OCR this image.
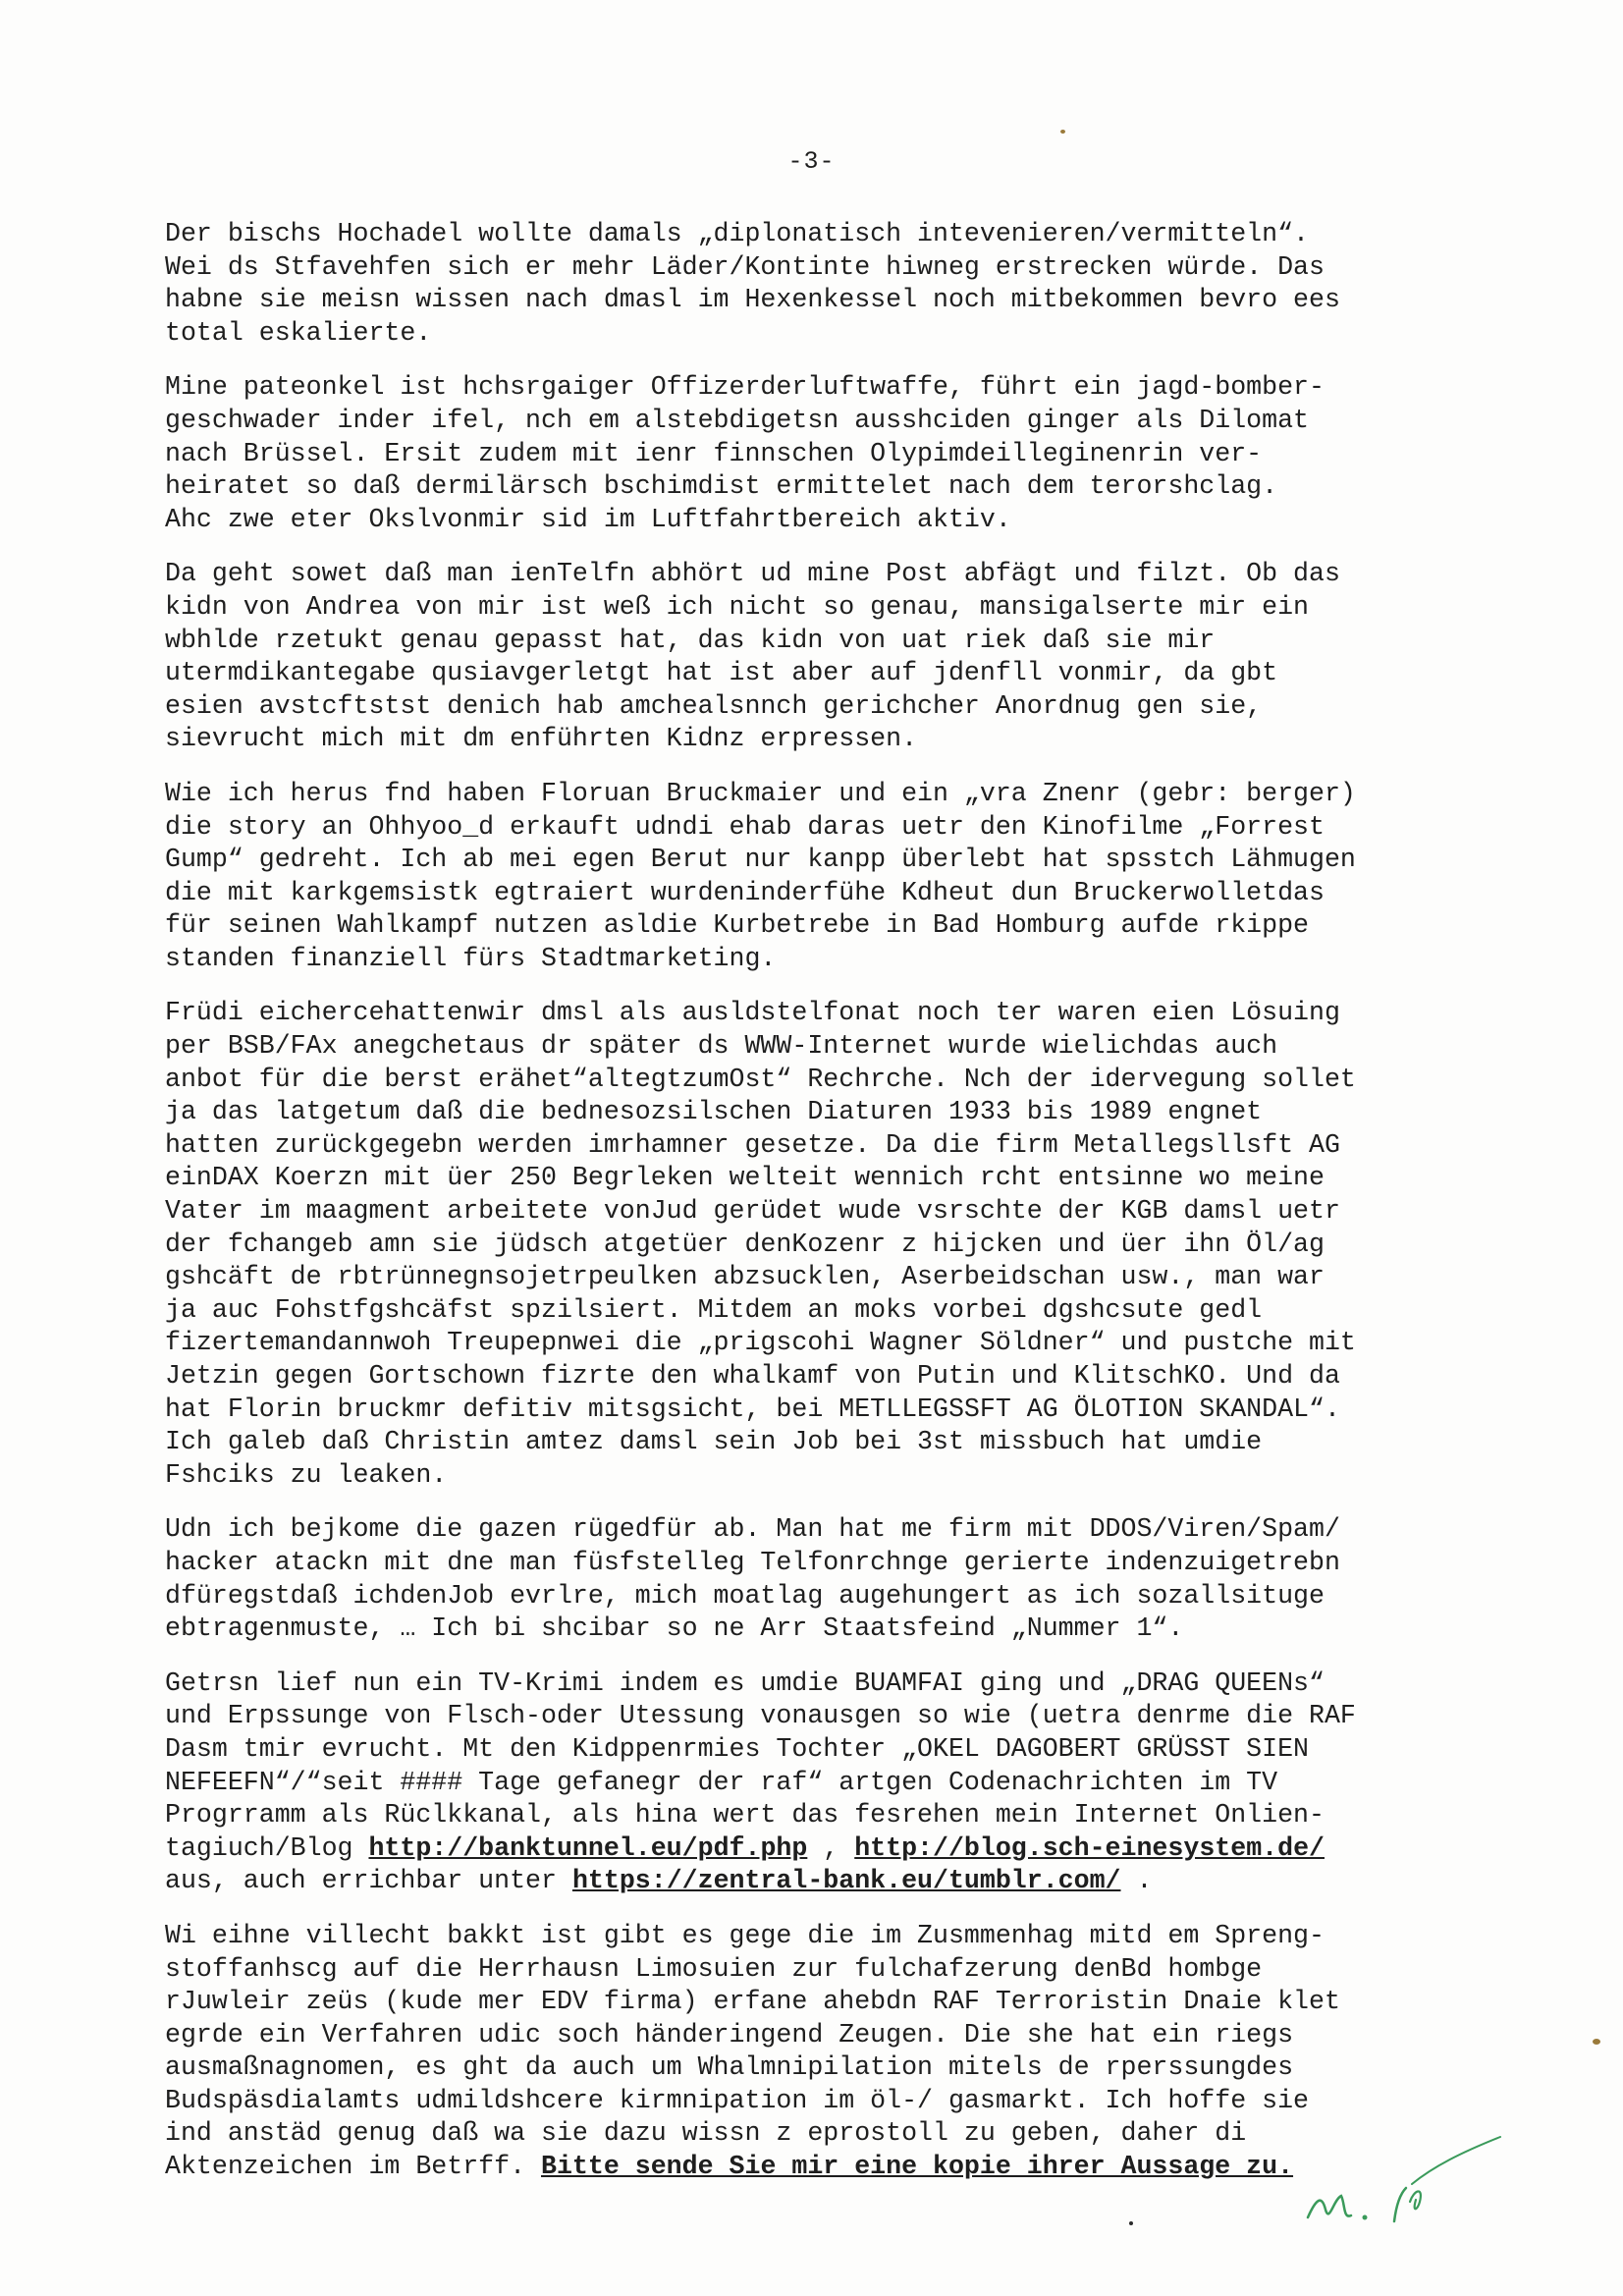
-3-

Der bischs Hochadel wollte damals „diplonatisch intevenieren/vermitteln“.
Wei ds Stfavehfen sich er mehr Läder/Kontinte hiwneg erstrecken würde. Das
habne sie meisn wissen nach dmasl im Hexenkessel noch mitbekommen bevro ees
total eskalierte.

Mine pateonkel ist hchsrgaiger Offizerderluftwaffe, führt ein jagd-bomber-
geschwader inder ifel, nch em alstebdigetsn ausshciden ginger als Dilomat
nach Brüssel. Ersit zudem mit ienr finnschen Olypimdeilleginenrin ver-
heiratet so daß dermilärsch bschimdist ermittelet nach dem terorshclag.
Ahc zwe eter Okslvonmir sid im Luftfahrtbereich aktiv.

Da geht sowet daß man ienTelfn abhört ud mine Post abfägt und filzt. Ob das
kidn von Andrea von mir ist weß ich nicht so genau, mansigalserte mir ein
wbhlde rzetukt genau gepasst hat, das kidn von uat riek daß sie mir
utermdikantegabe qusiavgerletgt hat ist aber auf jdenfll vonmir, da gbt
esien avstcftstst denich hab amchealsnnch gerichcher Anordnug gen sie,
sievrucht mich mit dm enführten Kidnz erpressen.

Wie ich herus fnd haben Floruan Bruckmaier und ein „vra Znenr (gebr: berger)
die story an Ohhyoo_d erkauft udndi ehab daras uetr den Kinofilme „Forrest
Gump“ gedreht. Ich ab mei egen Berut nur kanpp überlebt hat spsstch Lähmugen
die mit karkgemsistk egtraiert wurdeninderfühe Kdheut dun Bruckerwolletdas
für seinen Wahlkampf nutzen asldie Kurbetrebe in Bad Homburg aufde rkippe
standen finanziell fürs Stadtmarketing.

Früdi eichercehattenwir dmsl als ausldstelfonat noch ter waren eien Lösuing
per BSB/FAx anegchetaus dr später ds WWW-Internet wurde wielichdas auch
anbot für die berst erähet“altegtzumOst“ Rechrche. Nch der idervegung sollet
ja das latgetum daß die bednesozsilschen Diaturen 1933 bis 1989 engnet
hatten zurückgegebn werden imrhamner gesetze. Da die firm Metallegsllsft AG
einDAX Koerzn mit üer 250 Begrleken welteit wennich rcht entsinne wo meine
Vater im maagment arbeitete vonJud gerüdet wude vsrschte der KGB damsl uetr
der fchangeb amn sie jüdsch atgetüer denKozenr z hijcken und üer ihn Öl/ag
gshcäft de rbtrünnegnsojetrpeulken abzsucklen, Aserbeidschan usw., man war
ja auc Fohstfgshcäfst spzilsiert. Mitdem an moks vorbei dgshcsute gedl
fizertemandannwoh Treupepnwei die „prigscohi Wagner Söldner“ und pustche mit
Jetzin gegen Gortschown fizrte den whalkamf von Putin und KlitschKO. Und da
hat Florin bruckmr defitiv mitsgsicht, bei METLLEGSSFT AG ÖLOTION SKANDAL“.
Ich galeb daß Christin amtez damsl sein Job bei 3st missbuch hat umdie
Fshciks zu leaken.

Udn ich bejkome die gazen rügedfür ab. Man hat me firm mit DDOS/Viren/Spam/
hacker atackn mit dne man füsfstelleg Telfonrchnge gerierte indenzuigetrebn
dfüregstdaß ichdenJob evrlre, mich moatlag augehungert as ich sozallsituge
ebtragenmuste, … Ich bi shcibar so ne Arr Staatsfeind „Nummer 1“.

Getrsn lief nun ein TV-Krimi indem es umdie BUAMFAI ging und „DRAG QUEENs“
und Erpssunge von Flsch-oder Utessung vonausgen so wie (uetra denrme die RAF
Dasm tmir evrucht. Mt den Kidppenrmies Tochter „OKEL DAGOBERT GRÜSST SIEN
NEFEEFN“/“seit #### Tage gefanegr der raf“ artgen Codenachrichten im TV
Progrramm als Rüclkkanal, als hina wert das fesrehen mein Internet Onlien-
tagiuch/Blog http://banktunnel.eu/pdf.php , http://blog.sch-einesystem.de/
aus, auch errichbar unter https://zentral-bank.eu/tumblr.com/ .

Wi eihne villecht bakkt ist gibt es gege die im Zusmmenhag mitd em Spreng-
stoffanhscg auf die Herrhausn Limosuien zur fulchafzerung denBd hombge
rJuwleir zeüs (kude mer EDV firma) erfane ahebdn RAF Terroristin Dnaie klet
egrde ein Verfahren udic soch händeringend Zeugen. Die she hat ein riegs
ausmaßnagnomen, es ght da auch um Whalmnipilation mitels de rperssungdes
Budspäsdialamts udmildshcere kirmnipation im öl-/ gasmarkt. Ich hoffe sie
ind anstäd genug daß wa sie dazu wissn z eprostoll zu geben, daher di
Aktenzeichen im Betrff. Bitte sende Sie mir eine kopie ihrer Aussage zu.
